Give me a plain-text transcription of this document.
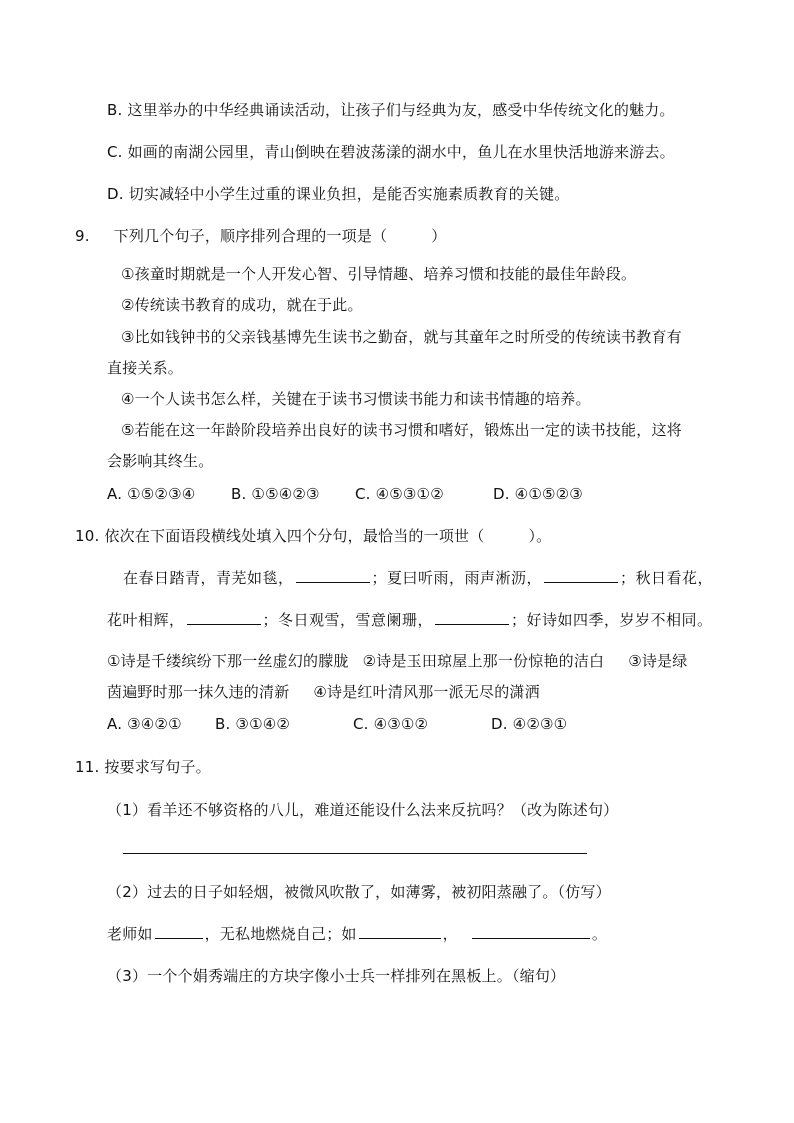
B. 这里举办的中华经典诵读活动，让孩子们与经典为友，感受中华传统文化的魅力。
C. 如画的南湖公园里，青山倒映在碧波荡漾的湖水中，鱼儿在水里快活地游来游去。
D. 切实减轻中小学生过重的课业负担，是能否实施素质教育的关键。
9. 下列几个句子，顺序排列合理的一项是（	）
①孩童时期就是一个人开发心智、引导情趣、培养习惯和技能的最佳年龄段。
②传统读书教育的成功，就在于此。
③比如钱钟书的父亲钱基博先生读书之勤奋，就与其童年之时所受的传统读书教育有
直接关系。
④一个人读书怎么样，关键在于读书习惯读书能力和读书情趣的培养。
⑤若能在这一年龄阶段培养出良好的读书习惯和嗜好，锻炼出一定的读书技能，这将
会影响其终生。
A. ①⑤②③④ B. ①⑤④②③ C. ④⑤③①②	D. ④①⑤②③
10. 依次在下面语段横线处填入四个分句，最恰当的一项世（	）。
在春日踏青，青芜如毯，	；夏曰听雨，雨声淅沥，	；秋日看花，
花叶相辉，	；冬日观雪，雪意阑珊，	；好诗如四季，岁岁不相同。
①诗是千缕缤纷下那一丝虚幻的朦胧 ②诗是玉田琼屋上那一份惊艳的洁白 ③诗是绿
茵遍野时那一抹久违的清新 ④诗是红叶清风那一派无尽的潇洒
A. ③④②① B. ③①④②	C. ④③①②	D. ④②③①
11. 按要求写句子。
（1）看羊还不够资格的八儿，难道还能设什么法来反抗吗？（改为陈述句）
（2）过去的日子如轻烟，被微风吹散了，如薄雾，被初阳蒸融了。（仿写）
老师如	，无私地燃烧自己；如	，	。
（3）一个个娟秀端庄的方块字像小士兵一样排列在黑板上。（缩句）
